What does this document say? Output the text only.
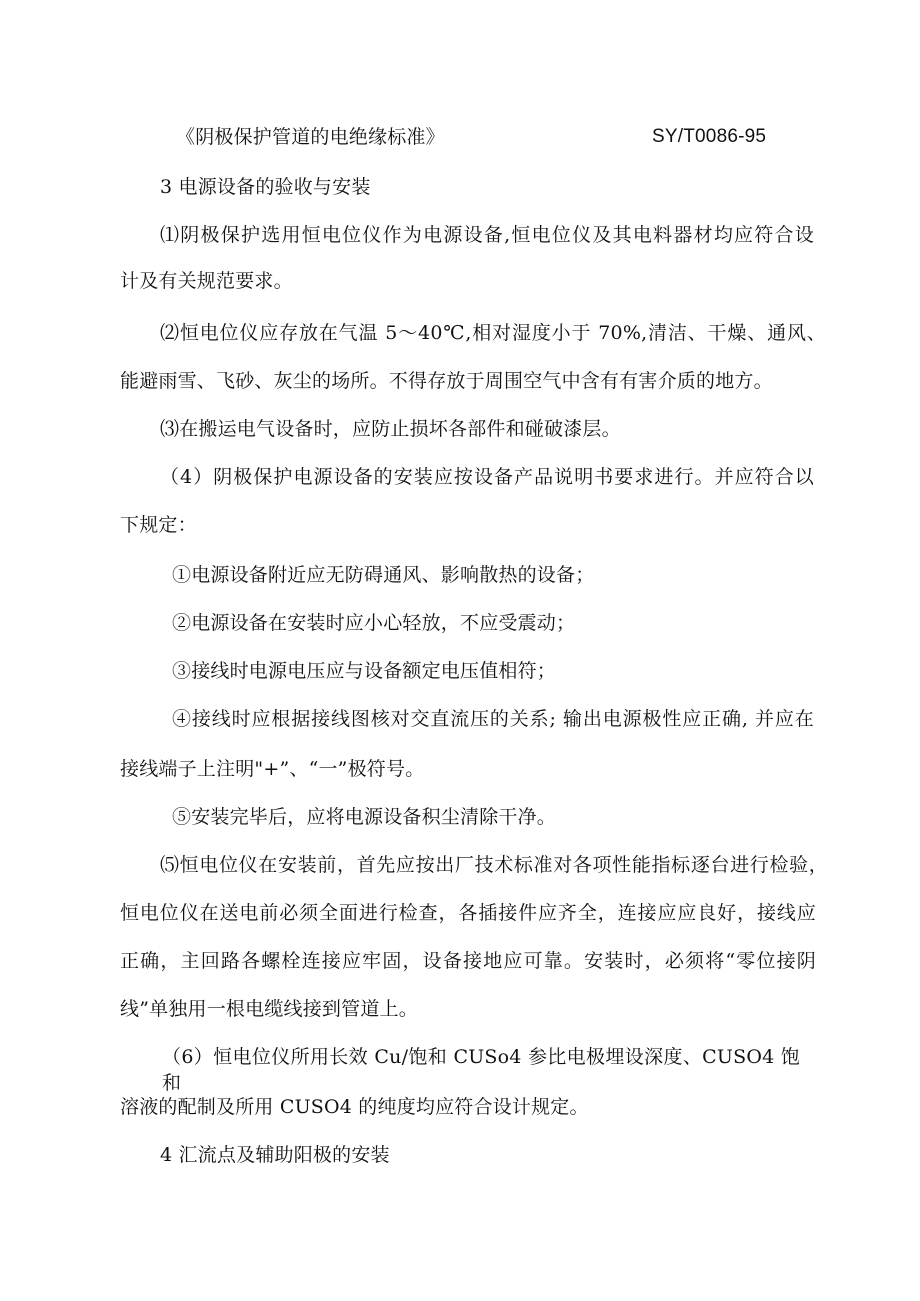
《阴极保护管道的电绝缘标准》	SY/T0086-95
3 电源设备的验收与安装
⑴阴极保护选用恒电位仪作为电源设备,恒电位仪及其电料器材均应符合设
计及有关规范要求。
⑵恒电位仪应存放在气温 5～40℃,相对湿度小于 70%,清洁、干燥、通风、
能避雨雪、飞砂、灰尘的场所。不得存放于周围空气中含有有害介质的地方。
⑶在搬运电气设备时，应防止损坏各部件和碰破漆层。
（4）阴极保护电源设备的安装应按设备产品说明书要求进行。并应符合以
下规定：
①电源设备附近应无防碍通风、影响散热的设备；
②电源设备在安装时应小心轻放，不应受震动；
③接线时电源电压应与设备额定电压值相符；
④接线时应根据接线图核对交直流压的关系; 输出电源极性应正确, 并应在
接线端子上注明"+”、“一”极符号。
⑤安装完毕后，应将电源设备积尘清除干净。
⑸恒电位仪在安装前，首先应按出厂技术标准对各项性能指标逐台进行检验，
恒电位仪在送电前必须全面进行检查，各插接件应齐全，连接应应良好，接线应
正确，主回路各螺栓连接应牢固，设备接地应可靠。安装时，必须将“零位接阴
线”单独用一根电缆线接到管道上。
（6）恒电位仪所用长效 Cu/饱和 CUSo4 参比电极埋设深度、CUSO4 饱和
溶液的配制及所用 CUSO4 的纯度均应符合设计规定。
4 汇流点及辅助阳极的安装
